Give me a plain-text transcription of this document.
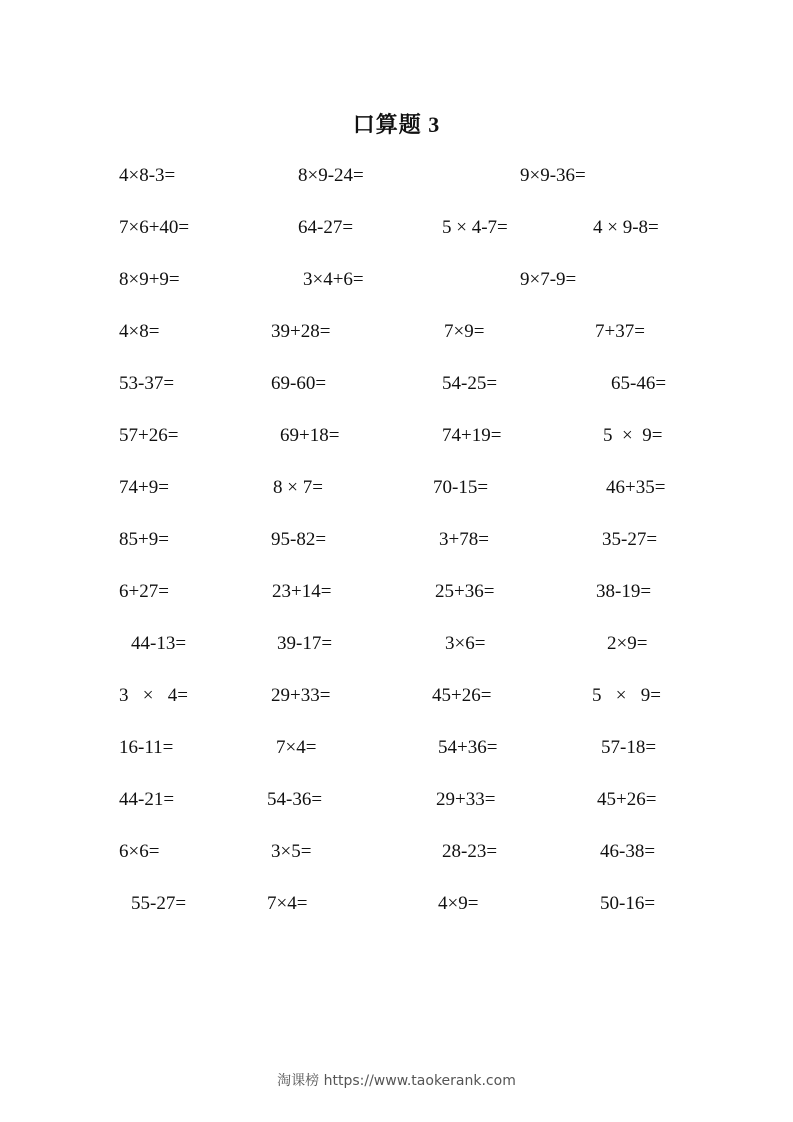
口算题 3
4×8-3=	8×9-24=	9×9-36=
7×6+40=	64-27=	5 × 4-7=	4 × 9-8=
8×9+9=	3×4+6=	9×7-9=
4×8=	39+28=	7×9=	7+37=
53-37=	69-60=	54-25=	65-46=
57+26=	69+18=	74+19=	5  ×  9=
74+9=	8 × 7=	70-15=	46+35=
85+9=	95-82=	3+78=	35-27=
6+27=	23+14=	25+36=	38-19=
44-13=	39-17=	3×6=	2×9=
3   ×   4=	29+33=	45+26=	5   ×   9=
16-11=	7×4=	54+36=	57-18=
44-21=	54-36=	29+33=	45+26=
6×6=	3×5=	28-23=	46-38=
55-27=	7×4=	4×9=	50-16=
淘课榜 https://www.taokerank.com
